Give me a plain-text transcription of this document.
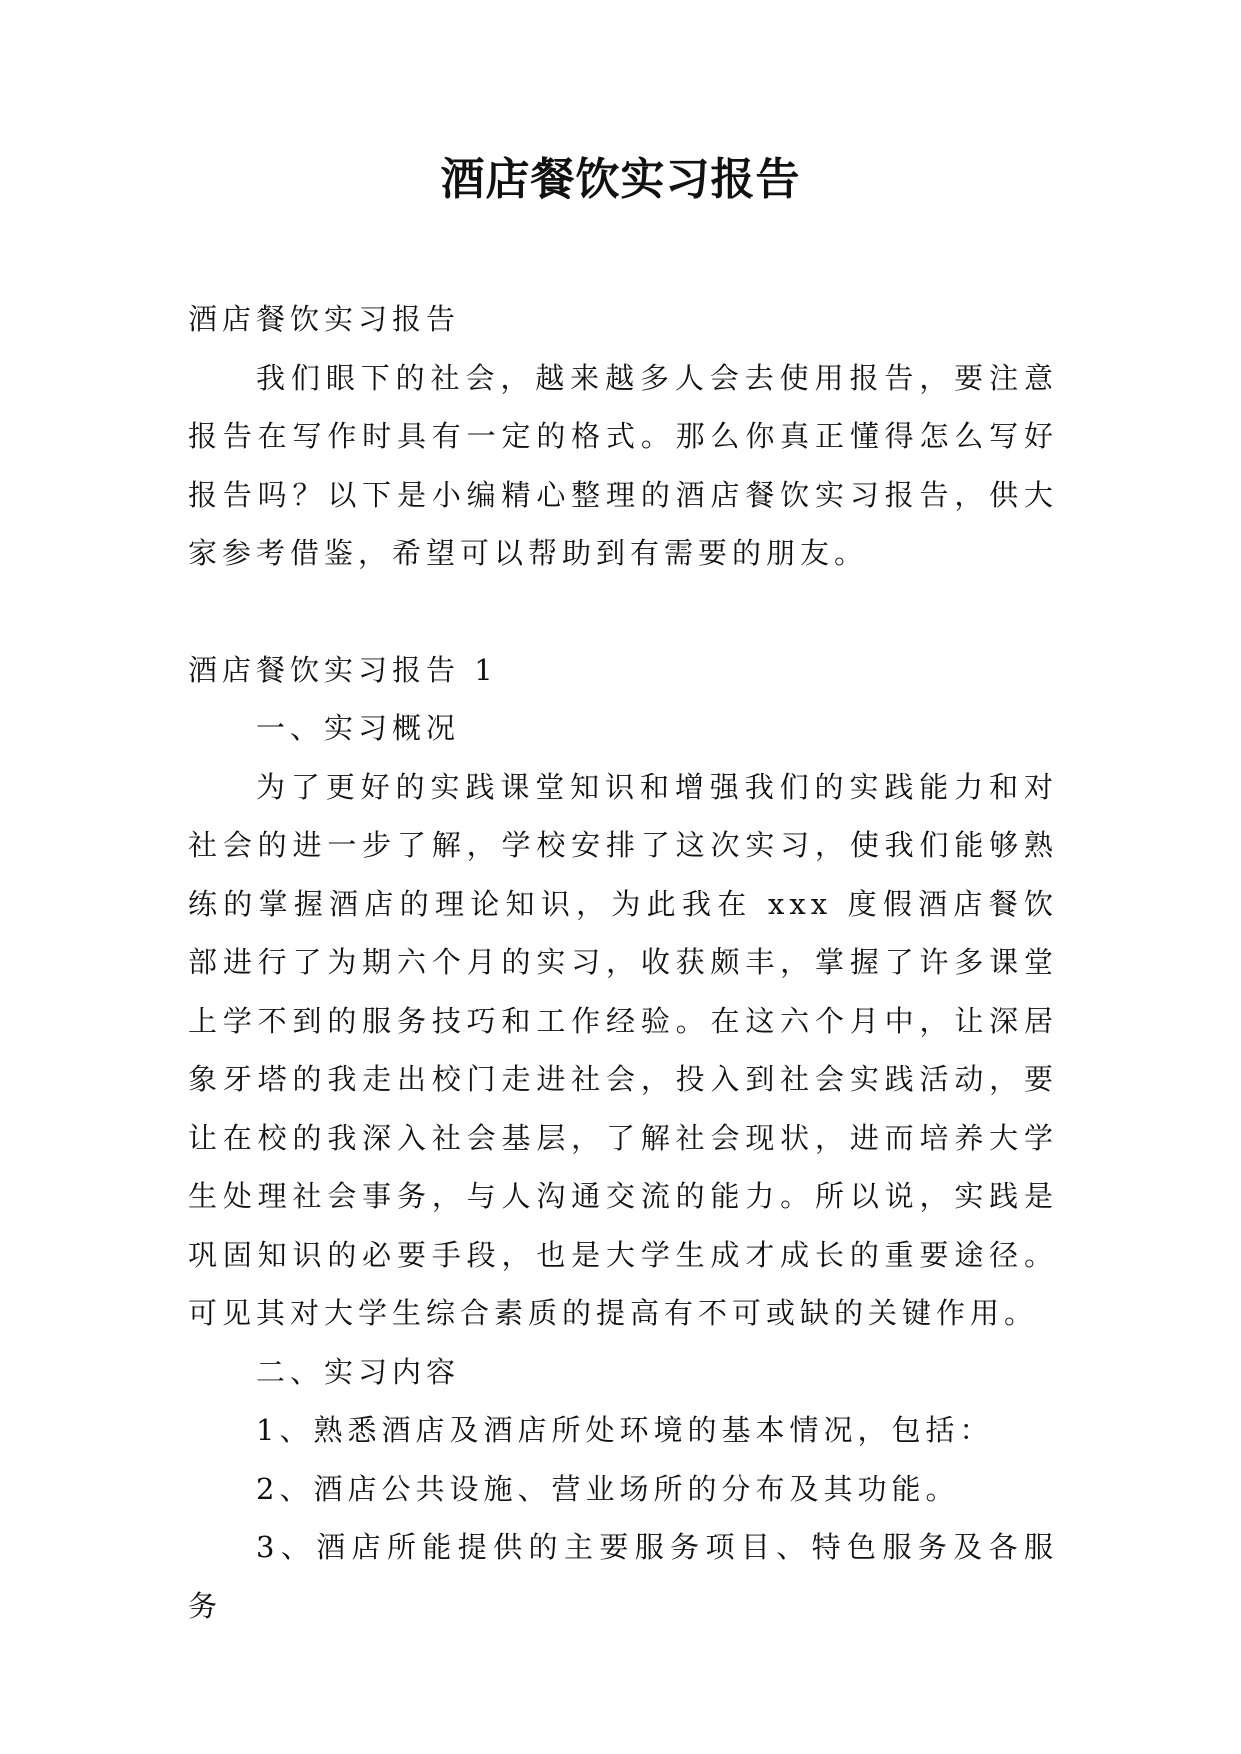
酒店餐饮实习报告

酒店餐饮实习报告

我们眼下的社会，越来越多人会去使用报告，要注意报告在写作时具有一定的格式。那么你真正懂得怎么写好报告吗？以下是小编精心整理的酒店餐饮实习报告，供大家参考借鉴，希望可以帮助到有需要的朋友。

酒店餐饮实习报告 1

一、实习概况

为了更好的实践课堂知识和增强我们的实践能力和对社会的进一步了解，学校安排了这次实习，使我们能够熟练的掌握酒店的理论知识，为此我在 xxx 度假酒店餐饮部进行了为期六个月的实习，收获颇丰，掌握了许多课堂上学不到的服务技巧和工作经验。在这六个月中，让深居象牙塔的我走出校门走进社会，投入到社会实践活动，要让在校的我深入社会基层，了解社会现状，进而培养大学生处理社会事务，与人沟通交流的能力。所以说，实践是巩固知识的必要手段，也是大学生成才成长的重要途径。可见其对大学生综合素质的提高有不可或缺的关键作用。

二、实习内容

1、熟悉酒店及酒店所处环境的基本情况，包括：

2、酒店公共设施、营业场所的分布及其功能。

3、酒店所能提供的主要服务项目、特色服务及各服务
